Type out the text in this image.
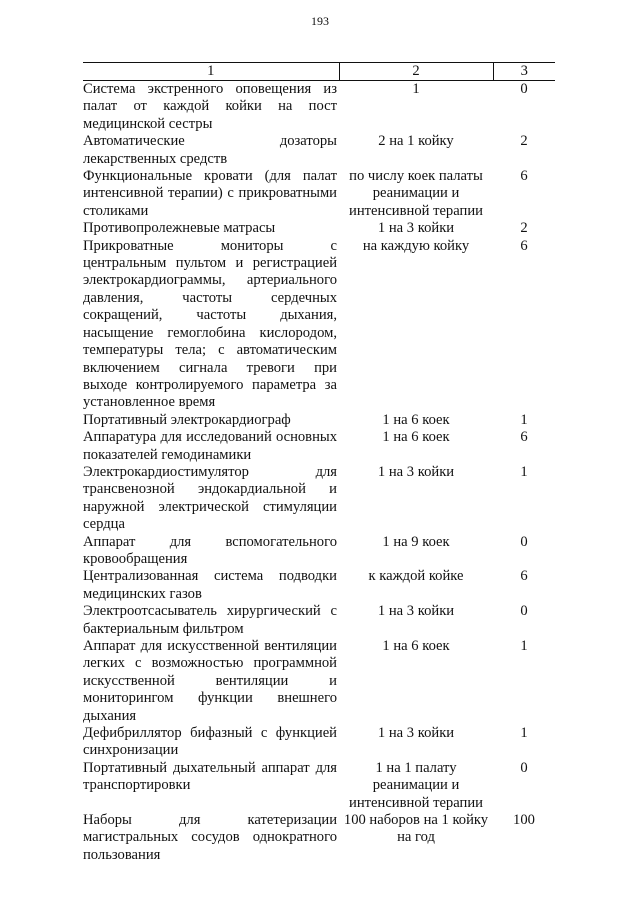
193
1	2	3
Система экстренного оповещения из палат от каждой койки на пост медицинской сестры	1	0
Автоматические дозаторы лекарственных средств	2 на 1 койку	2
Функциональные кровати (для палат интенсивной терапии) с прикроватными столиками	по числу коек палаты реанимации и интенсивной терапии	6
Противопролежневые матрасы	1 на 3 койки	2
Прикроватные мониторы с центральным пультом и регистрацией электрокардиограммы, артериального давления, частоты сердечных сокращений, частоты дыхания, насыщение гемоглобина кислородом, температуры тела; с автоматическим включением сигнала тревоги при выходе контролируемого параметра за установленное время	на каждую койку	6
Портативный электрокардиограф	1 на 6 коек	1
Аппаратура для исследований основных показателей гемодинамики	1 на 6 коек	6
Электрокардиостимулятор для трансвенозной эндокардиальной и наружной электрической стимуляции сердца	1 на 3 койки	1
Аппарат для вспомогательного кровообращения	1 на 9 коек	0
Централизованная система подводки медицинских газов	к каждой койке	6
Электроотсасыватель хирургический с бактериальным фильтром	1 на 3 койки	0
Аппарат для искусственной вентиляции легких с возможностью программной искусственной вентиляции и мониторингом функции внешнего дыхания	1 на 6 коек	1
Дефибриллятор бифазный с функцией синхронизации	1 на 3 койки	1
Портативный дыхательный аппарат для транспортировки	1 на 1 палату реанимации и интенсивной терапии	0
Наборы для катетеризации магистральных сосудов однократного пользования	100 наборов на 1 койку на год	100
